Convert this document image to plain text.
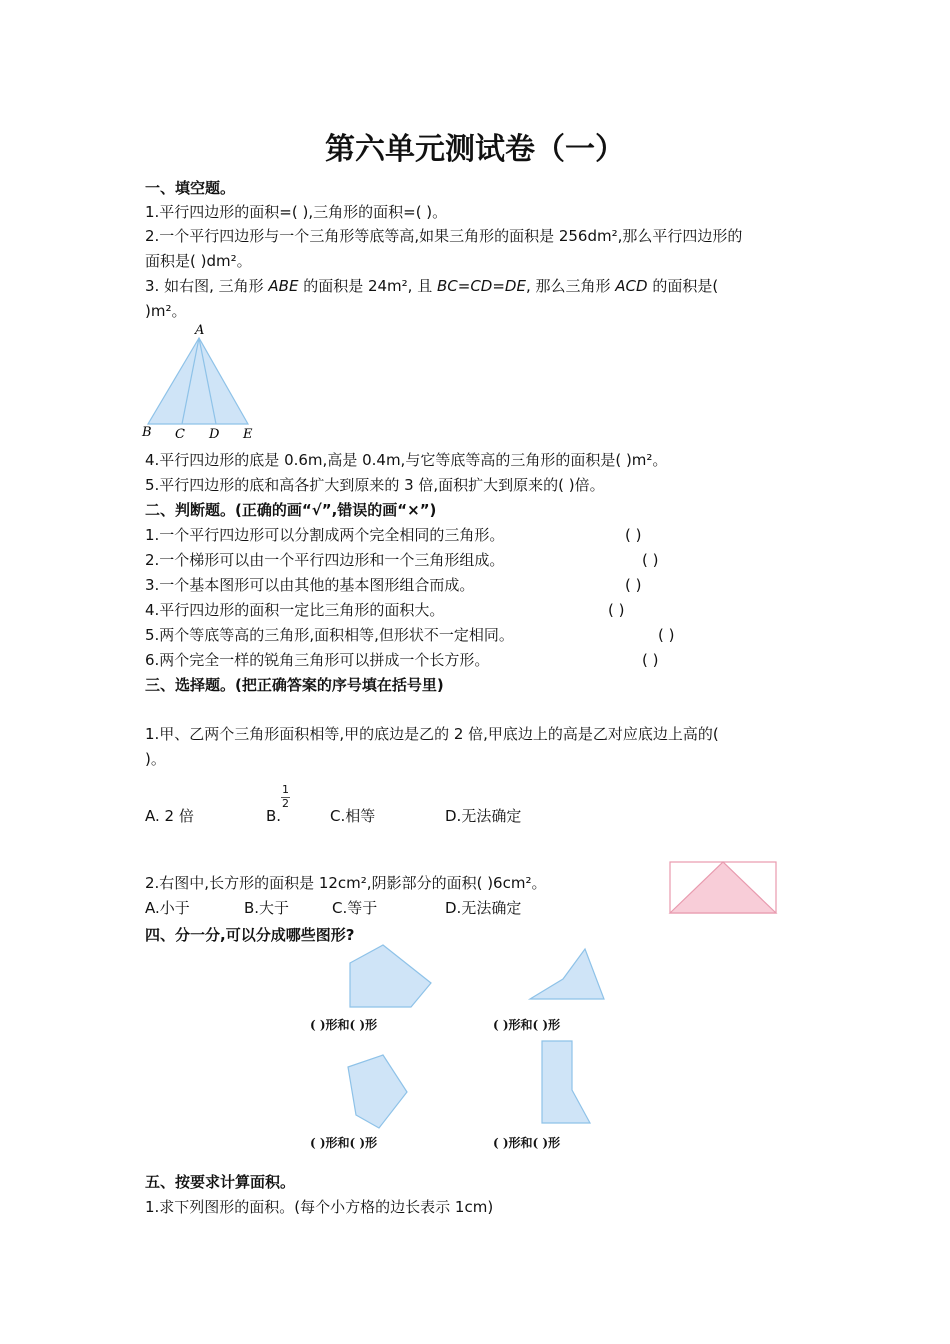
第六单元测试卷（一）
一、填空题。
1.平行四边形的面积=( ),三角形的面积=( )。
2.一个平行四边形与一个三角形等底等高,如果三角形的面积是 256dm²,那么平行四边形的
面积是( )dm²。
3. 如右图, 三角形 ABE 的面积是 24m², 且 BC=CD=DE, 那么三角形 ACD 的面积是(
)m²。
A
B C D E
4.平行四边形的底是 0.6m,高是 0.4m,与它等底等高的三角形的面积是( )m²。
5.平行四边形的底和高各扩大到原来的 3 倍,面积扩大到原来的( )倍。
二、判断题。(正确的画“√”,错误的画“×”)
1.一个平行四边形可以分割成两个完全相同的三角形。	( )
2.一个梯形可以由一个平行四边形和一个三角形组成。	( )
3.一个基本图形可以由其他的基本图形组合而成。	( )
4.平行四边形的面积一定比三角形的面积大。	( )
5.两个等底等高的三角形,面积相等,但形状不一定相同。	( )
6.两个完全一样的锐角三角形可以拼成一个长方形。	( )
三、选择题。(把正确答案的序号填在括号里)
1.甲、乙两个三角形面积相等,甲的底边是乙的 2 倍,甲底边上的高是乙对应底边上高的(
)。
A. 2 倍	B.
1
2
C.相等	D.无法确定
2.右图中,长方形的面积是 12cm²,阴影部分的面积( )6cm²。
A.小于	B.大于	C.等于	D.无法确定
四、分一分,可以分成哪些图形?
( )形和( )形	( )形和( )形
( )形和( )形	( )形和( )形
五、按要求计算面积。
1.求下列图形的面积。(每个小方格的边长表示 1cm)
